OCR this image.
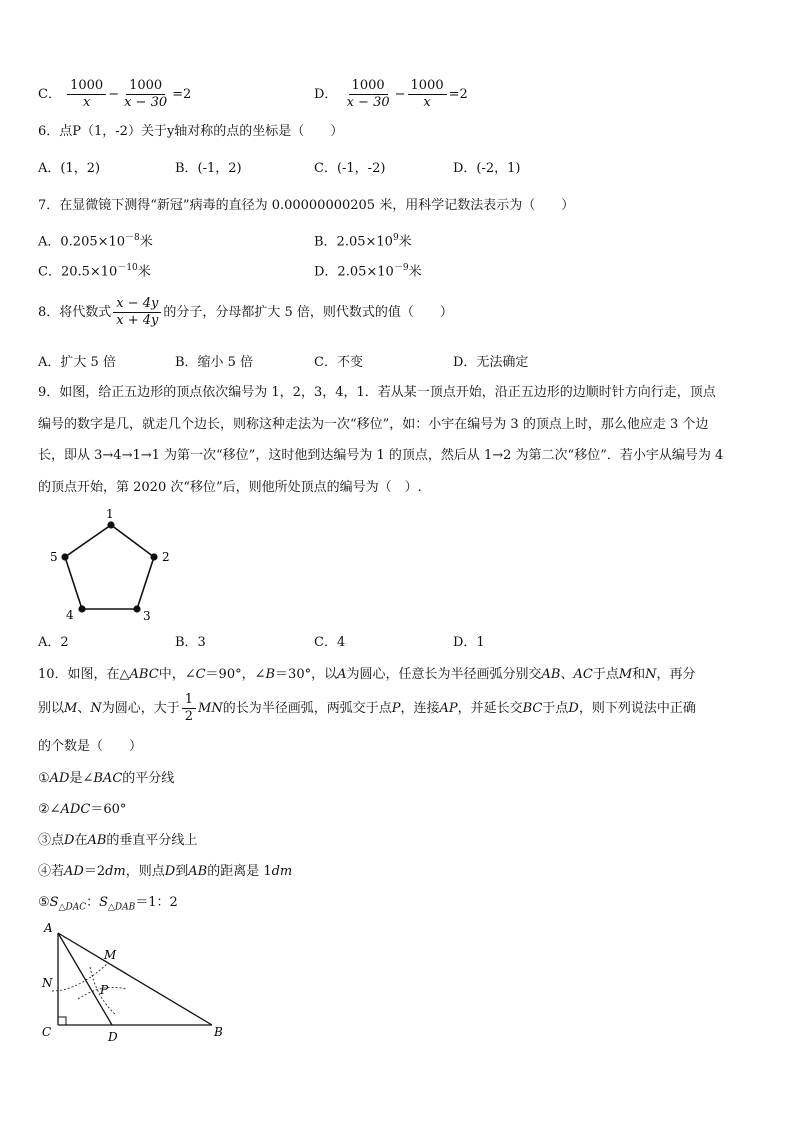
C． $\frac{1000}{x} - \frac{1000}{x - 30} =2$	D． $\frac{1000}{x - 30} - \frac{1000}{x} =2$
6．点P（1，-2）关于y轴对称的点的坐标是（　　）
A．(1，2)	B．(-1，2)	C．(-1，-2)	D．(-2，1)
7．在显微镜下测得“新冠”病毒的直径为 0.00000000205 米，用科学记数法表示为（　　）
A．$0.205\times 10^{-8}$米	B．$2.05\times 10^9$米
C．$20.5\times 10^{-10}$米	D．$2.05\times 10^{-9}$米
8．将代数式 $\frac{x - 4y}{x + 4y}$ 的分子，分母都扩大 5 倍，则代数式的值（　　）
A．扩大 5 倍	B．缩小 5 倍	C．不变	D．无法确定
9．如图，给正五边形的顶点依次编号为 1，2，3，4，1．若从某一顶点开始，沿正五边形的边顺时针方向行走，顶点
编号的数字是几，就走几个边长，则称这种走法为一次“移位”，如：小宇在编号为 3 的顶点上时，那么他应走 3 个边
长，即从 3→4→1→1 为第一次“移位”，这时他到达编号为 1 的顶点，然后从 1→2 为第二次“移位”．若小宇从编号为 4
的顶点开始，第 2020 次“移位”后，则他所处顶点的编号为（　）.
1
2
3
4
5
A．2	B．3	C．4	D．1
10．如图，在△ABC中，∠C＝90°，∠B＝30°，以A为圆心，任意长为半径画弧分别交AB、AC于点M和N，再分
别以M、N为圆心，大于 $\frac{1}{2}$ MN的长为半径画弧，两弧交于点P，连接AP，并延长交BC于点D，则下列说法中正确
的个数是（　　）
①AD是∠BAC的平分线
②∠ADC＝60°
③点D在AB的垂直平分线上
④若AD＝2dm，则点D到AB的距离是 1dm
$⑤S_{\triangle DAC}$：$S_{\triangle DAB}=1$：2
A
B
C	D
M
N	P
